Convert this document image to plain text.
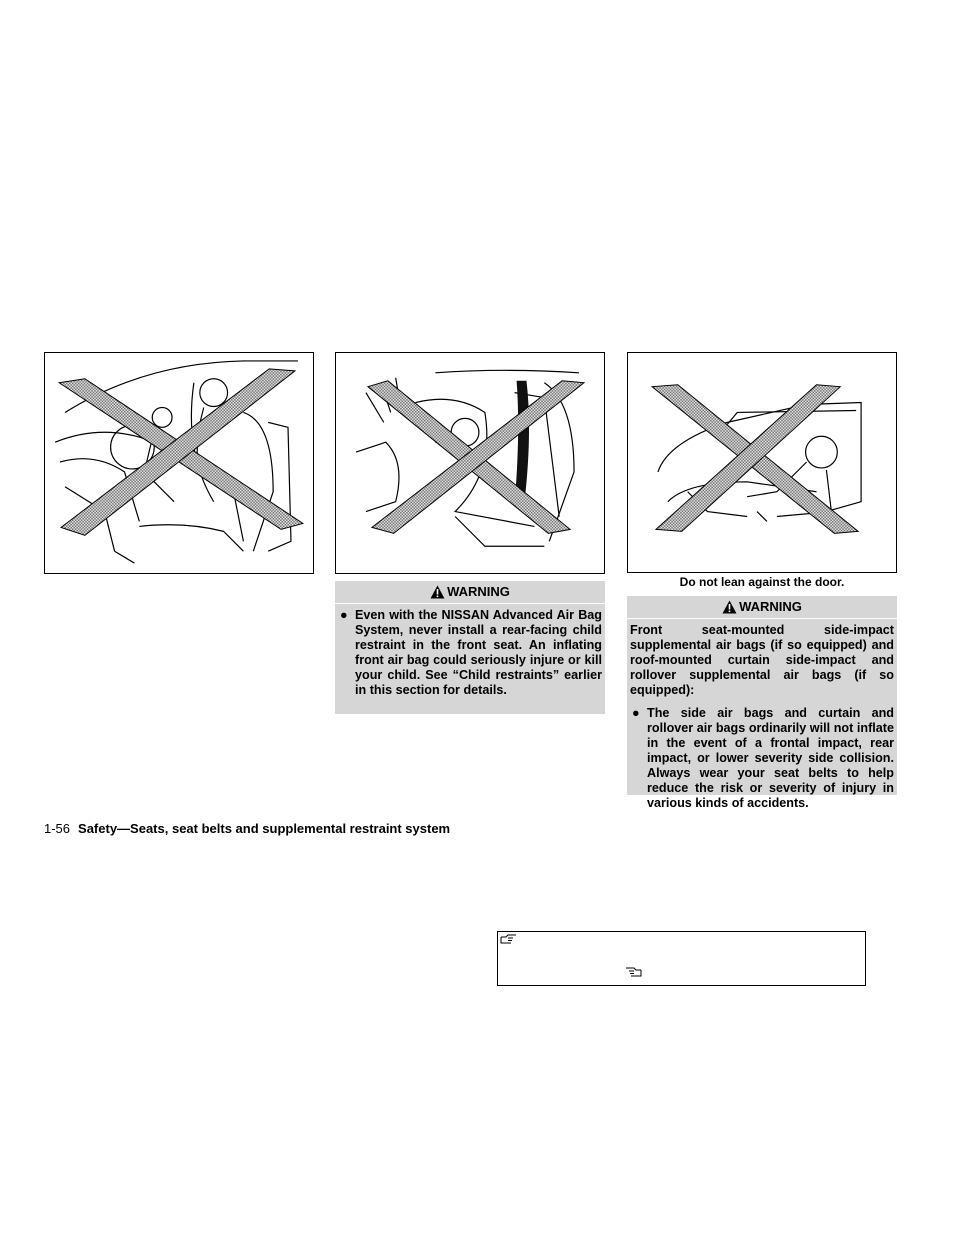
Do not lean against the door.
WARNING
● Even with the NISSAN Advanced Air Bag System, never install a rear-facing child restraint in the front seat. An inflating front air bag could seriously injure or kill your child. See “Child restraints” earlier in this section for details.
WARNING
Front seat-mounted side-impact supplemental air bags (if so equipped) and roof-mounted curtain side-impact and rollover supplemental air bags (if so equipped):
● The side air bags and curtain and rollover air bags ordinarily will not inflate in the event of a frontal impact, rear impact, or lower severity side collision. Always wear your seat belts to help reduce the risk or severity of injury in various kinds of accidents.
1-56 Safety—Seats, seat belts and supplemental restraint system
